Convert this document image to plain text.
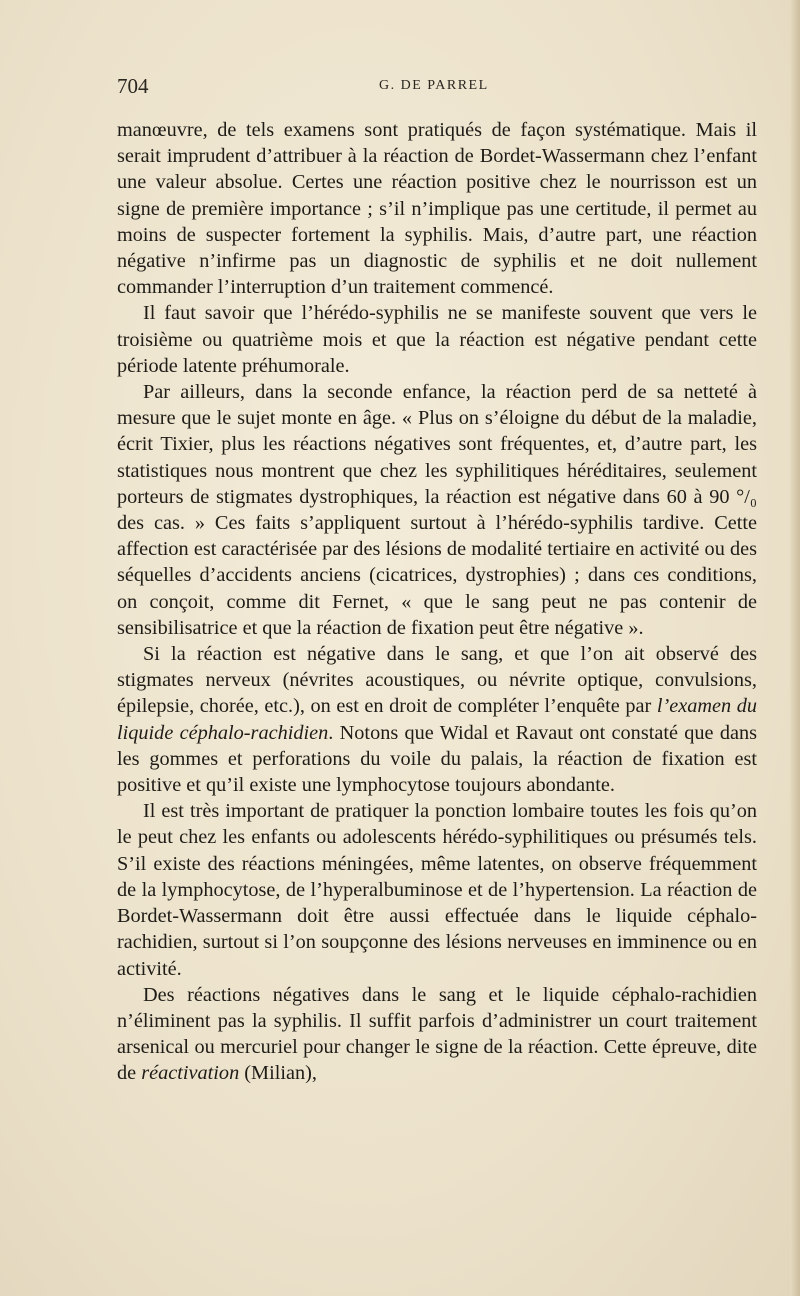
704	G. DE PARREL

manœuvre, de tels examens sont pratiqués de façon systématique. Mais il serait imprudent d’attribuer à la réaction de Bordet-Wassermann chez l’enfant une valeur absolue. Certes une réaction positive chez le nourrisson est un signe de première importance ; s’il n’implique pas une certitude, il permet au moins de suspecter fortement la syphilis. Mais, d’autre part, une réaction négative n’infirme pas un diagnostic de syphilis et ne doit nullement commander l’interruption d’un traitement commencé.

Il faut savoir que l’hérédo-syphilis ne se manifeste souvent que vers le troisième ou quatrième mois et que la réaction est négative pendant cette période latente préhumorale.

Par ailleurs, dans la seconde enfance, la réaction perd de sa netteté à mesure que le sujet monte en âge. « Plus on s’éloigne du début de la maladie, écrit Tixier, plus les réactions négatives sont fréquentes, et, d’autre part, les statistiques nous montrent que chez les syphilitiques héréditaires, seulement porteurs de stigmates dystrophiques, la réaction est négative dans 60 à 90 °/₀ des cas. » Ces faits s’appliquent surtout à l’hérédo-syphilis tardive. Cette affection est caractérisée par des lésions de modalité tertiaire en activité ou des séquelles d’accidents anciens (cicatrices, dystrophies) ; dans ces conditions, on conçoit, comme dit Fernet, « que le sang peut ne pas contenir de sensibilisatrice et que la réaction de fixation peut être négative ».

Si la réaction est négative dans le sang, et que l’on ait observé des stigmates nerveux (névrites acoustiques, ou névrite optique, convulsions, épilepsie, chorée, etc.), on est en droit de compléter l’enquête par l’examen du liquide céphalo-rachidien. Notons que Widal et Ravaut ont constaté que dans les gommes et perforations du voile du palais, la réaction de fixation est positive et qu’il existe une lymphocytose toujours abondante.

Il est très important de pratiquer la ponction lombaire toutes les fois qu’on le peut chez les enfants ou adolescents hérédo-syphilitiques ou présumés tels. S’il existe des réactions méningées, même latentes, on observe fréquemment de la lymphocytose, de l’hyperalbuminose et de l’hypertension. La réaction de Bordet-Wassermann doit être aussi effectuée dans le liquide céphalo-rachidien, surtout si l’on soupçonne des lésions nerveuses en imminence ou en activité.

Des réactions négatives dans le sang et le liquide céphalo-rachidien n’éliminent pas la syphilis. Il suffit parfois d’administrer un court traitement arsenical ou mercuriel pour changer le signe de la réaction. Cette épreuve, dite de réactivation (Milian),
